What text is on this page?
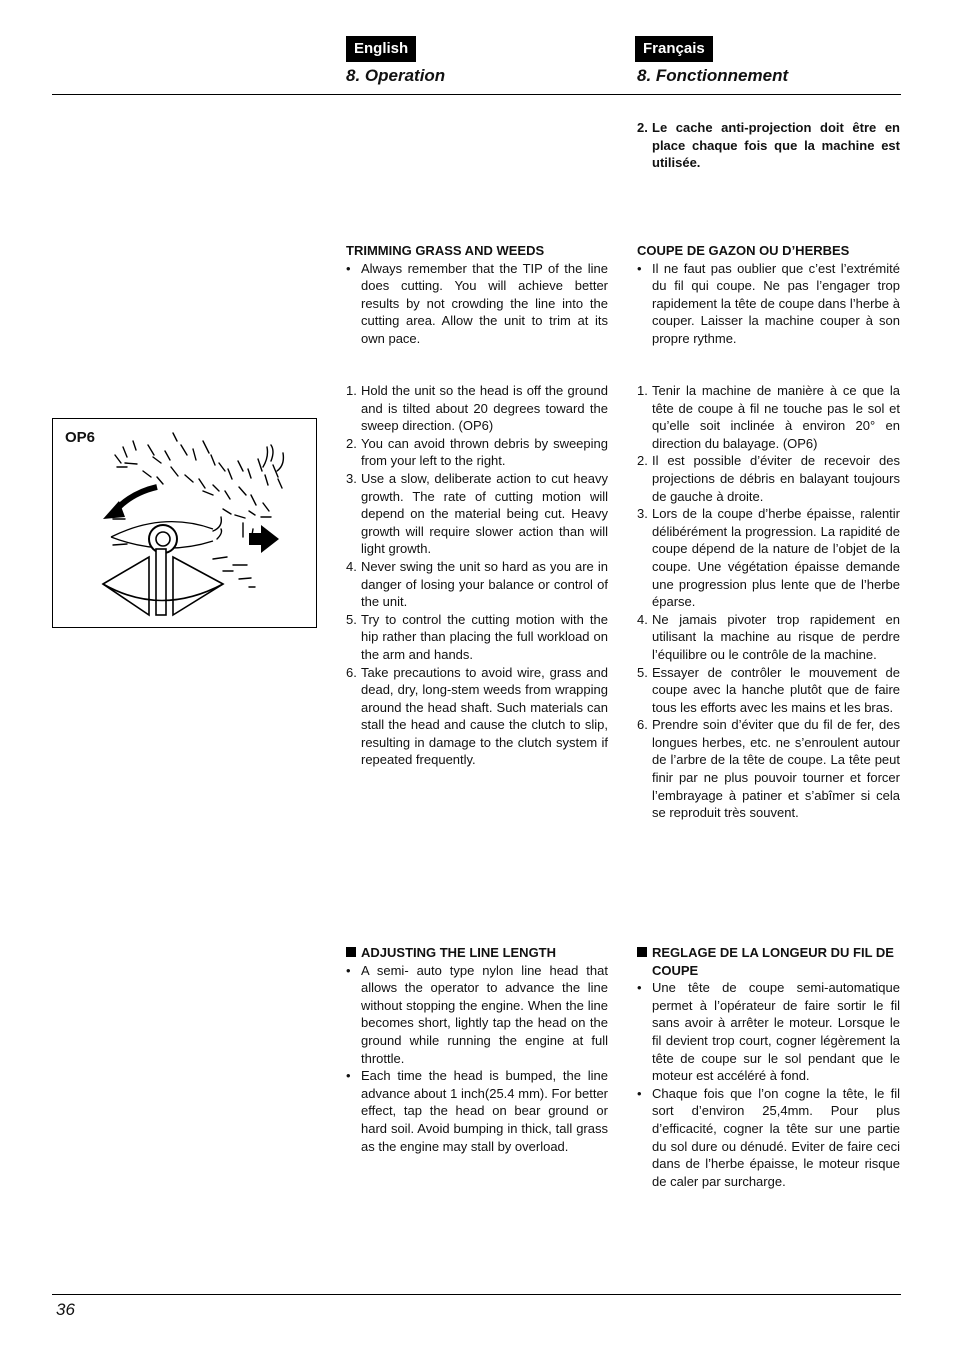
English	Français
8. Operation	8. Fonctionnement
2. Le cache anti-projection doit être en place chaque fois que la machine est utilisée.

TRIMMING GRASS AND WEEDS

• Always remember that the TIP of the line does cutting. You will achieve better results by not crowding the line into the cutting area. Allow the unit to trim at its own pace.
1. Hold the unit so the head is off the ground and is tilted about 20 degrees toward the sweep direction. (OP6)
2. You can avoid thrown debris by sweeping from your left to the right.
3. Use a slow, deliberate action to cut heavy growth. The rate of cutting motion will depend on the material being cut. Heavy growth will require slower action than will light growth.
4. Never swing the unit so hard as you are in danger of losing your balance or control of the unit.
5. Try to control the cutting motion with the hip rather than placing the full workload on the arm and hands.
6. Take precautions to avoid wire, grass and dead, dry, long-stem weeds from wrapping around the head shaft. Such materials can stall the head and cause the clutch to slip, resulting in damage to the clutch system if repeated frequently.

COUPE DE GAZON OU D’HERBES

• Il ne faut pas oublier que c’est l’extrémité du fil qui coupe. Ne pas l’engager trop rapidement la tête de coupe dans l’herbe à couper. Laisser la machine couper à son propre rythme.
1. Tenir la machine de manière à ce que la tête de coupe à fil ne touche pas le sol et qu’elle soit inclinée à environ 20° en direction du balayage. (OP6)
2. Il est possible d’éviter de recevoir des projections de débris en balayant toujours de gauche à droite.
3. Lors de la coupe d’herbe épaisse, ralentir délibérément la progression. La rapidité de coupe dépend de la nature de l’objet de la coupe. Une végétation épaisse demande une progression plus lente que de l’herbe éparse.
4. Ne jamais pivoter trop rapidement en utilisant la machine au risque de perdre l’équilibre ou le contrôle de la machine.
5. Essayer de contrôler le mouvement de coupe avec la hanche plutôt que de faire tous les efforts avec les mains et les bras.
6. Prendre soin d’éviter que du fil de fer, des longues herbes, etc. ne s’enroulent autour de l’arbre de la tête de coupe. La tête peut finir par ne plus pouvoir tourner et forcer l’embrayage à patiner et s’abîmer si cela se reproduit très souvent.
OP6

ADJUSTING THE LINE LENGTH

• A semi- auto type nylon line head that allows the operator to advance the line without stopping the engine. When the line becomes short, lightly tap the head on the ground while running the engine at full throttle.
• Each time the head is bumped, the line advance about 1 inch(25.4 mm). For better effect, tap the head on bear ground or hard soil. Avoid bumping in thick, tall grass as the engine may stall by overload.

REGLAGE DE LA LONGEUR DU FIL DE COUPE

• Une tête de coupe semi-automatique permet à l’opérateur de faire sortir le fil sans avoir à arrêter le moteur. Lorsque le fil devient trop court, cogner légèrement la tête de coupe sur le sol pendant que le moteur est accéléré à fond.
• Chaque fois que l’on cogne la tête, le fil sort d’environ 25,4mm. Pour plus d’efficacité, cogner la tête sur une partie du sol dure ou dénudé. Eviter de faire ceci dans de l’herbe épaisse, le moteur risque de caler par surcharge.
36
